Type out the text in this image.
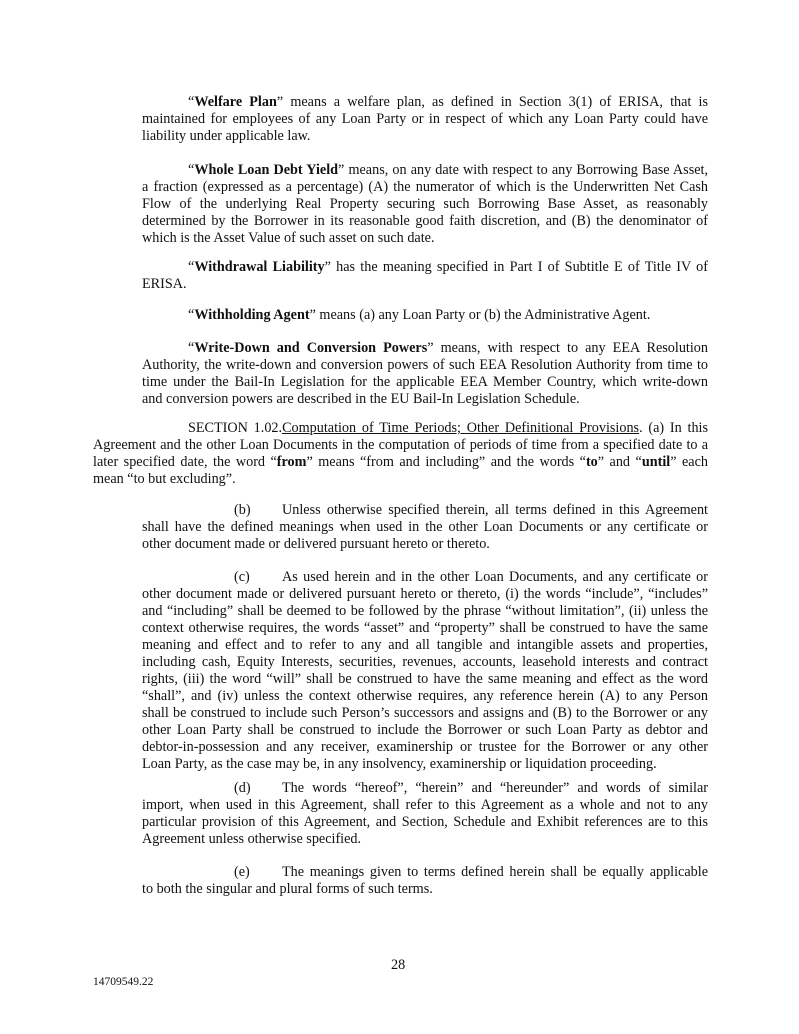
“Welfare Plan” means a welfare plan, as defined in Section 3(1) of ERISA, that is
maintained for employees of any Loan Party or in respect of which any Loan Party could have
liability under applicable law.
“Whole Loan Debt Yield” means, on any date with respect to any Borrowing Base Asset,
a fraction (expressed as a percentage) (A) the numerator of which is the Underwritten Net Cash
Flow of the underlying Real Property securing such Borrowing Base Asset, as reasonably
determined by the Borrower in its reasonable good faith discretion, and (B) the denominator of
which is the Asset Value of such asset on such date.
“Withdrawal Liability” has the meaning specified in Part I of Subtitle E of Title IV of
ERISA.
“Withholding Agent” means (a) any Loan Party or (b) the Administrative Agent.
“Write-Down and Conversion Powers” means, with respect to any EEA Resolution
Authority, the write-down and conversion powers of such EEA Resolution Authority from time to
time under the Bail-In Legislation for the applicable EEA Member Country, which write-down
and conversion powers are described in the EU Bail-In Legislation Schedule.
SECTION 1.02.Computation of Time Periods; Other Definitional Provisions. (a) In this
Agreement and the other Loan Documents in the computation of periods of time from a specified date to a
later specified date, the word “from” means “from and including” and the words “to” and “until” each
mean “to but excluding”.
(b) Unless otherwise specified therein, all terms defined in this Agreement
shall have the defined meanings when used in the other Loan Documents or any certificate or
other document made or delivered pursuant hereto or thereto.
(c) As used herein and in the other Loan Documents, and any certificate or
other document made or delivered pursuant hereto or thereto, (i) the words “include”, “includes”
and “including” shall be deemed to be followed by the phrase “without limitation”, (ii) unless the
context otherwise requires, the words “asset” and “property” shall be construed to have the same
meaning and effect and to refer to any and all tangible and intangible assets and properties,
including cash, Equity Interests, securities, revenues, accounts, leasehold interests and contract
rights, (iii) the word “will” shall be construed to have the same meaning and effect as the word
“shall”, and (iv) unless the context otherwise requires, any reference herein (A) to any Person
shall be construed to include such Person’s successors and assigns and (B) to the Borrower or any
other Loan Party shall be construed to include the Borrower or such Loan Party as debtor and
debtor-in-possession and any receiver, examinership or trustee for the Borrower or any other
Loan Party, as the case may be, in any insolvency, examinership or liquidation proceeding.
(d) The words “hereof”, “herein” and “hereunder” and words of similar
import, when used in this Agreement, shall refer to this Agreement as a whole and not to any
particular provision of this Agreement, and Section, Schedule and Exhibit references are to this
Agreement unless otherwise specified.
(e) The meanings given to terms defined herein shall be equally applicable
to both the singular and plural forms of such terms.
28
14709549.22
